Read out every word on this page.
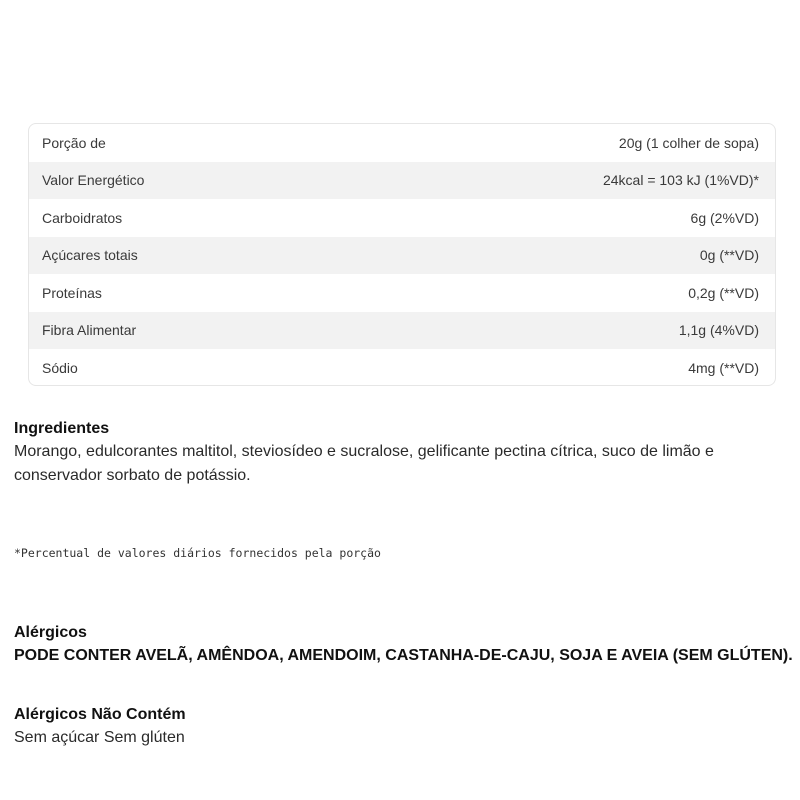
Porção de	20g (1 colher de sopa)
Valor Energético	24kcal = 103 kJ (1%VD)*
Carboidratos	6g (2%VD)
Açúcares totais	0g (**VD)
Proteínas	0,2g (**VD)
Fibra Alimentar	1,1g (4%VD)
Sódio	4mg (**VD)
Ingredientes
Morango, edulcorantes maltitol, steviosídeo e sucralose, gelificante pectina cítrica, suco de limão e conservador sorbato de potássio.
*Percentual de valores diários fornecidos pela porção
Alérgicos
PODE CONTER AVELÃ, AMÊNDOA, AMENDOIM, CASTANHA-DE-CAJU, SOJA E AVEIA (SEM GLÚTEN).
Alérgicos Não Contém
Sem açúcar Sem glúten
